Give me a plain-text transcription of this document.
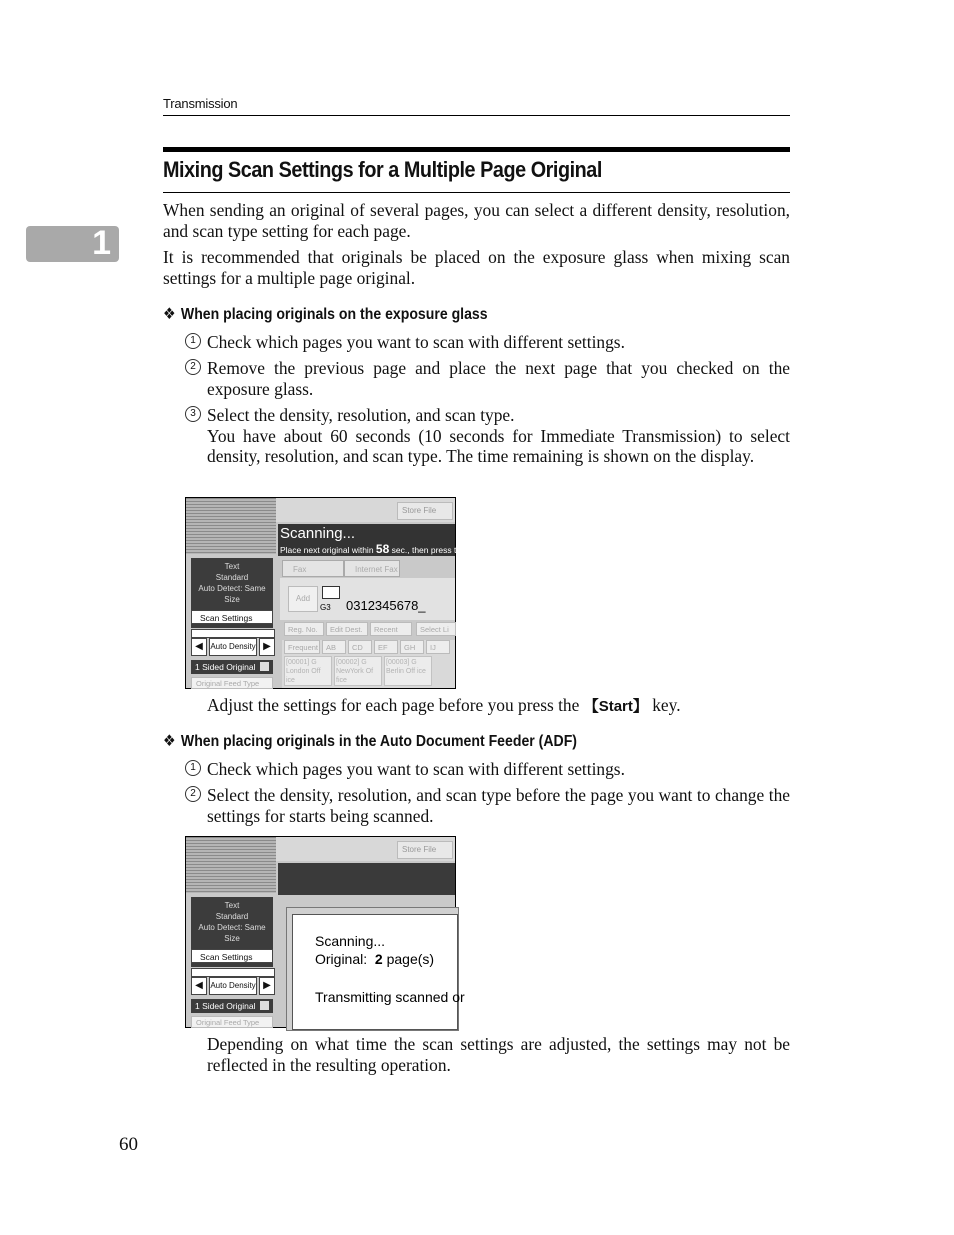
Transmission
1
Mixing Scan Settings for a Multiple Page Original
When sending an original of several pages, you can select a different density, resolution, and scan type setting for each page.
It is recommended that originals be placed on the exposure glass when mixing scan settings for a multiple page original.
❖ When placing originals on the exposure glass
1 Check which pages you want to scan with different settings.
2 Remove the previous page and place the next page that you checked on the exposure glass.
3 Select the density, resolution, and scan type.
You have about 60 seconds (10 seconds for Immediate Transmission) to select density, resolution, and scan type. The time remaining is shown on the display.
Store File
Scanning...
Place next original within 58 sec., then press the St
Text
Standard
Auto Detect: Same Size
Scan Settings
◀ Auto Density ▶
1 Sided Original
Original Feed Type
Fax	Internet Fax
Add
G3 0312345678_
Reg. No.	Edit Dest.	Recent	Select Li
Frequent	AB	CD	EF	GH	IJ
[00001] G London Off ice
[00002] G NewYork Of fice
[00003] G Berlin Off ice
Adjust the settings for each page before you press the 【Start】 key.
❖ When placing originals in the Auto Document Feeder (ADF)
1 Check which pages you want to scan with different settings.
2 Select the density, resolution, and scan type before the page you want to change the settings for starts being scanned.
Store File
Text
Standard
Auto Detect: Same Size
Scan Settings
◀ Auto Density ▶
1 Sided Original
Original Feed Type
Scanning...
Original: 2 page(s)
Transmitting scanned or
Depending on what time the scan settings are adjusted, the settings may not be reflected in the resulting operation.
60
